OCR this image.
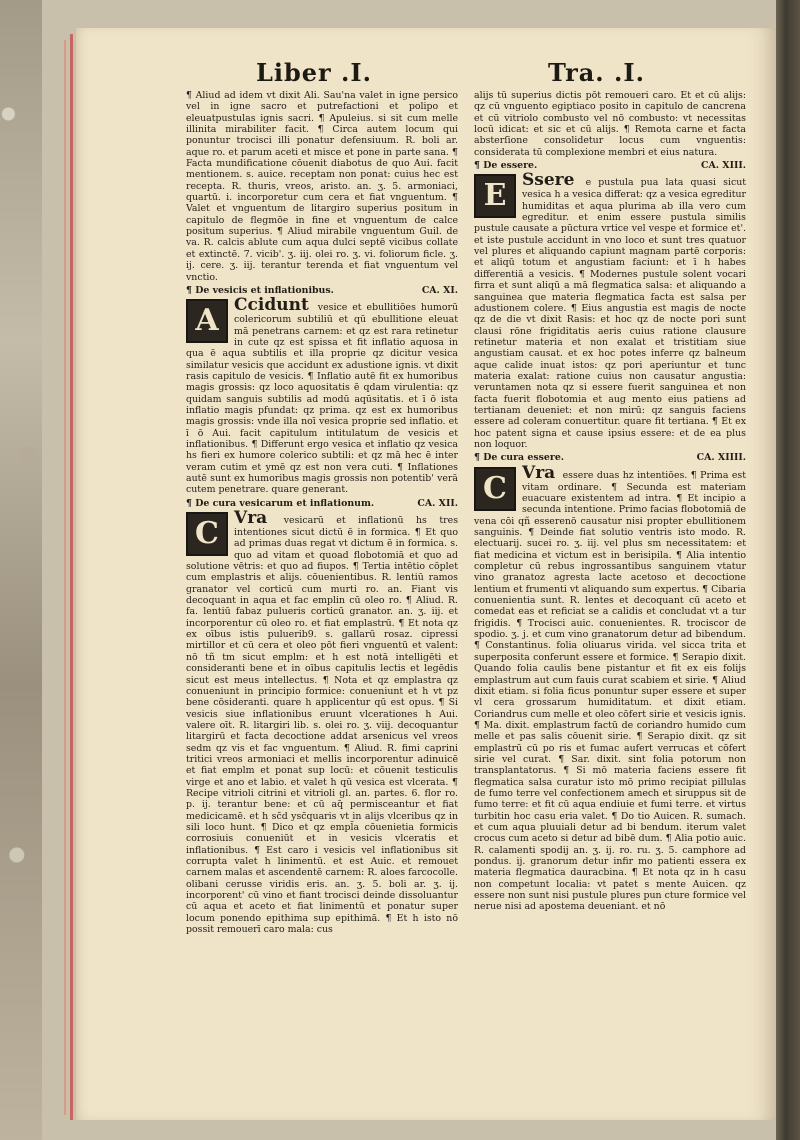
Liber .I.	Tra. .I.

¶ Aliud ad idem vt dixit Ali. Sau'na valet in igne persico vel in igne sacro et putrefactioni et polipo et eleuatpustulas ignis sacri. ¶ Apuleius. si sit cum melle illinita mirabiliter facit. ¶ Circa autem locum qui ponuntur trocisci illi ponatur defensiuum. R. boli ar. aque ro. et parum aceti et misce et pone in parte sana. ¶ Facta mundificatione cōuenit diabotus de quo Aui. facit mentionem. s. auice. receptam non ponat: cuius hec est recepta. R. thuris, vreos, aristo. an. ʒ. 5. armoniaci, quartū. i. incorporetur cum cera et fiat vnguentum. ¶ Valet et vnguentum de litargiro superius positum in capitulo de flegmōe in fine et vnguentum de calce positum superius. ¶ Aliud mirabile vnguentum Guil. de va. R. calcis ablute cum aqua dulci septē vicibus collate et extinctē. 7. vicib'. ʒ. iij. olei ro. ʒ. vi. foliorum ficle. ʒ. ij. cere. ʒ. iij. terantur terenda et fiat vnguentum vel vnctio.

¶ De vesicis et inflationibus.	CA. XI.
A Ccidunt vesice et ebullitiōes humorū colericorum subtiliū et qū ebullitione eleuat mā penetrans carnem: et qz est rara retinetur in cute qz est spissa et fit inflatio aquosa in qua ē aqua subtilis et illa proprie qz dicitur vesica similatur vesicis que accidunt ex adustione ignis. vt dixit rasis capitulo de vesicis. ¶ Inflatio autē fit ex humoribus magis grossis: qz loco aquositatis ē qdam virulentia: qz quidam sanguis subtilis ad modū aqūsitatis. et ī ō ista inflatio magis pfundat: qz prima. qz est ex humoribus magis grossis: vnde illa noī vesica proprie sed inflatio. et ī ō Aui. facit capitulum intitulatum de vesicis et inflationibus. ¶ Differunt ergo vesica et inflatio qz vesica hs fieri ex humore colerico subtili: et qz mā hec ē inter veram cutim et ymē qz est non vera cuti. ¶ Inflationes autē sunt ex humoribus magis grossis non potentib' verā cutem penetrare. quare generant.
¶ De cura vesicarum et inflationum.	CA. XII.
C Vra vesicarū et inflationū hs tres intentiones sicut dictū ē in formica. ¶ Et quo ad primas duas regat vt dictum ē in formica. s. quo ad vitam et quoad flobotomiā et quo ad solutione vētris: et quo ad fiupos. ¶ Tertia intētio cōplet cum emplastris et alijs. cōuenientibus. R. lentiū ramos granator vel corticū cum murti ro. an. Fiant vis decoquant in aqua et fac emplin cū oleo ro. ¶ Aliud. R. fa. lentiū fabaz pulueris corticū granator. an. ʒ. iij. et incorporentur cū oleo ro. et fiat emplastrū. ¶ Et nota qz ex oībus istis puluerib9. s. gallarū rosaz. cipressi mirtillor et cū cera et oleo pōt fieri vnguentū et valent: nō tñ tm sicut emplm: et h est notā intelligēti et consideranti bene et in oībus capitulis lectis et legēdis sicut est meus intellectus. ¶ Nota et qz emplastra qz conueniunt in principio formice: conueniunt et h vt pz bene cōsideranti. quare h applicentur qū est opus. ¶ Si vesicis siue inflationibus eruunt vlcerationes h Aui. valere oīt. R. litargiri lib. s. olei ro. ʒ. viij. decoquantur litargirū et facta decoctione addat arsenicus vel vreos sedm qz vis et fac vnguentum. ¶ Aliud. R. fimi caprini tritici vreos armoniaci et mellis incorporentur adinuicē et fiat emplm et ponat sup locū: et cōuenit testiculis virge et ano et labio. et valet h qū vesica est vlcerata. ¶ Recipe vitrioli citrini et vitrioli gl. an. partes. 6. flor ro. p. ij. terantur bene: et cū aq̄ permisceantur et fiat medicicamē. et h sc̄d ysc̄quaris vt in alijs vlceribus qz in sili loco hunt. ¶ Dico et qz empl̄a cōuenietia formicis corrosiuis conueniūt et in vesicis vlceratis et inflationibus. ¶ Est caro i vesicis vel inflationibus sit corrupta valet h linimentū. et est Auic. et remouet carnem malas et ascendentē carnem: R. aloes farcocolle. olibani cerusse viridis eris. an. ʒ. 5. boli ar. ʒ. ij. incorporent' cū vino et fiant trocisci deinde dissoluantur cū aqua et aceto et fiat linimentū et ponatur super locum ponendo epithima sup epithimā. ¶ Et h isto nō possit remouerī caro mala: cus

alijs tū superius dictis pōt remoueri caro. Et et cū alijs: qz cū vnguento egiptiaco posito in capitulo de cancrena et cū vitriolo combusto vel nō combusto: vt necessitas locū idicat: et sic et cū alijs. ¶ Remota carne et facta absterſione consolidetur locus cum vnguentis: considerata tū complexione membri et eius natura.

¶ De essere.	CA. XIII.
E Ssere e pustula pua lata quasi sicut vesica h a vesica differat: qz a vesica egreditur humiditas et aqua plurima ab illa vero cum egreditur. et enim essere pustula similis pustule causate a pūctura vrtice vel vespe et formice et'. et iste pustule accidunt in vno loco et sunt tres quatuor vel plures et aliquando capiunt magnam partē corporis: et aliqū totum et angustiam faciunt: et ī h habes differentiā a vesicis. ¶ Modernes pustule solent vocari firra et sunt aliqū a mā flegmatica salsa: et aliquando a sanguinea que materia flegmatica facta est salsa per adustionem colere. ¶ Eius angustia est magis de nocte qz de die vt dixit Rasis: et hoc qz de nocte pori sunt clausi rōne frigiditatis aeris cuius ratione clausure retinetur materia et non exalat et tristitiam siue angustiam causat. et ex hoc potes inferre qz balneum aque calide inuat istos: qz pori aperiuntur et tunc materia exalat: ratione cuius non causatur angustia: veruntamen nota qz si essere fuerit sanguinea et non facta fuerit flobotomia et aug mento eius patiens ad tertianam deueniet: et non mirū: qz sanguis faciens essere ad coleram conuertitur. quare fit tertiana. ¶ Et ex hoc patent signa et cause ipsius essere: et de ea plus non loquor.
¶ De cura essere.	CA. XIIII.
C Vra essere duas hz intentiōes. ¶ Prima est vitam ordinare. ¶ Secunda est materiam euacuare existentem ad intra. ¶ Et incipio a secunda intentione. Primo facias flobotomiā de vena cōi qñ esserenō causatur nisi propter ebullitionem sanguinis. ¶ Deinde fiat solutio ventris isto modo. R. electuarij. sucei ro. ʒ. iij. vel plus sm necessitatem: et fiat medicina et victum est in berisipila. ¶ Alia intentio completur cū rebus ingrossantibus sanguinem vtatur vino granatoz agresta lacte acetoso et decoctione lentium et frumenti vt aliquando sum expertus. ¶ Cibaria conuenientia sunt. R. lentes et decoquant cū aceto et comedat eas et reficiat se a calidis et concludat vt a tur frigidis. ¶ Trocisci auic. conuenientes. R. trociscor de spodio. ʒ. j. et cum vino granatorum detur ad bibendum. ¶ Constantinus. folia oliuarus virida. vel sicca trita et superposita conferunt essere et formice. ¶ Serapio dixit. Quando folia caulis bene pistantur et fit ex eis folijs emplastrum aut cum fauis curat scabiem et sirie. ¶ Aliud dixit etiam. si folia ficus ponuntur super essere et super vl cera grossarum humiditatum. et dixit etiam. Coriandrus cum melle et oleo cōfert sirie et vesicis ignis. ¶ Ma. dixit. emplastrum factū de coriandro humido cum melle et pas salis cōuenit sirie. ¶ Serapio dixit. qz sit emplastrū cū po ris et fumac aufert verrucas et cōfert sirie vel curat. ¶ Sar. dixit. sint folia potorum non transplantatorus. ¶ Si mō materia faciens essere fit flegmatica salsa curatur isto mō primo recipiat pillulas de fumo terre vel confectionem amech et siruppus sit de fumo terre: et fit cū aqua endiuie et fumi terre. et virtus turbitin hoc casu eria valet. ¶ Do tio Auicen. R. sumach. et cum aqua pluuiali detur ad bi bendum. iterum valet crocus cum aceto si detur ad bibē dum. ¶ Alia potio auic. R. calamenti spodij an. ʒ. ij. ro. ru. ʒ. 5. camphore ad pondus. ij. granorum detur infir mo patienti essera ex materia flegmatica dauracbina. ¶ Et nota qz in h casu non competunt localia: vt patet s mente Auicen. qz essere non sunt nisi pustule plures pun cture formice vel nerue nisi ad apostema deueniant. et nō
